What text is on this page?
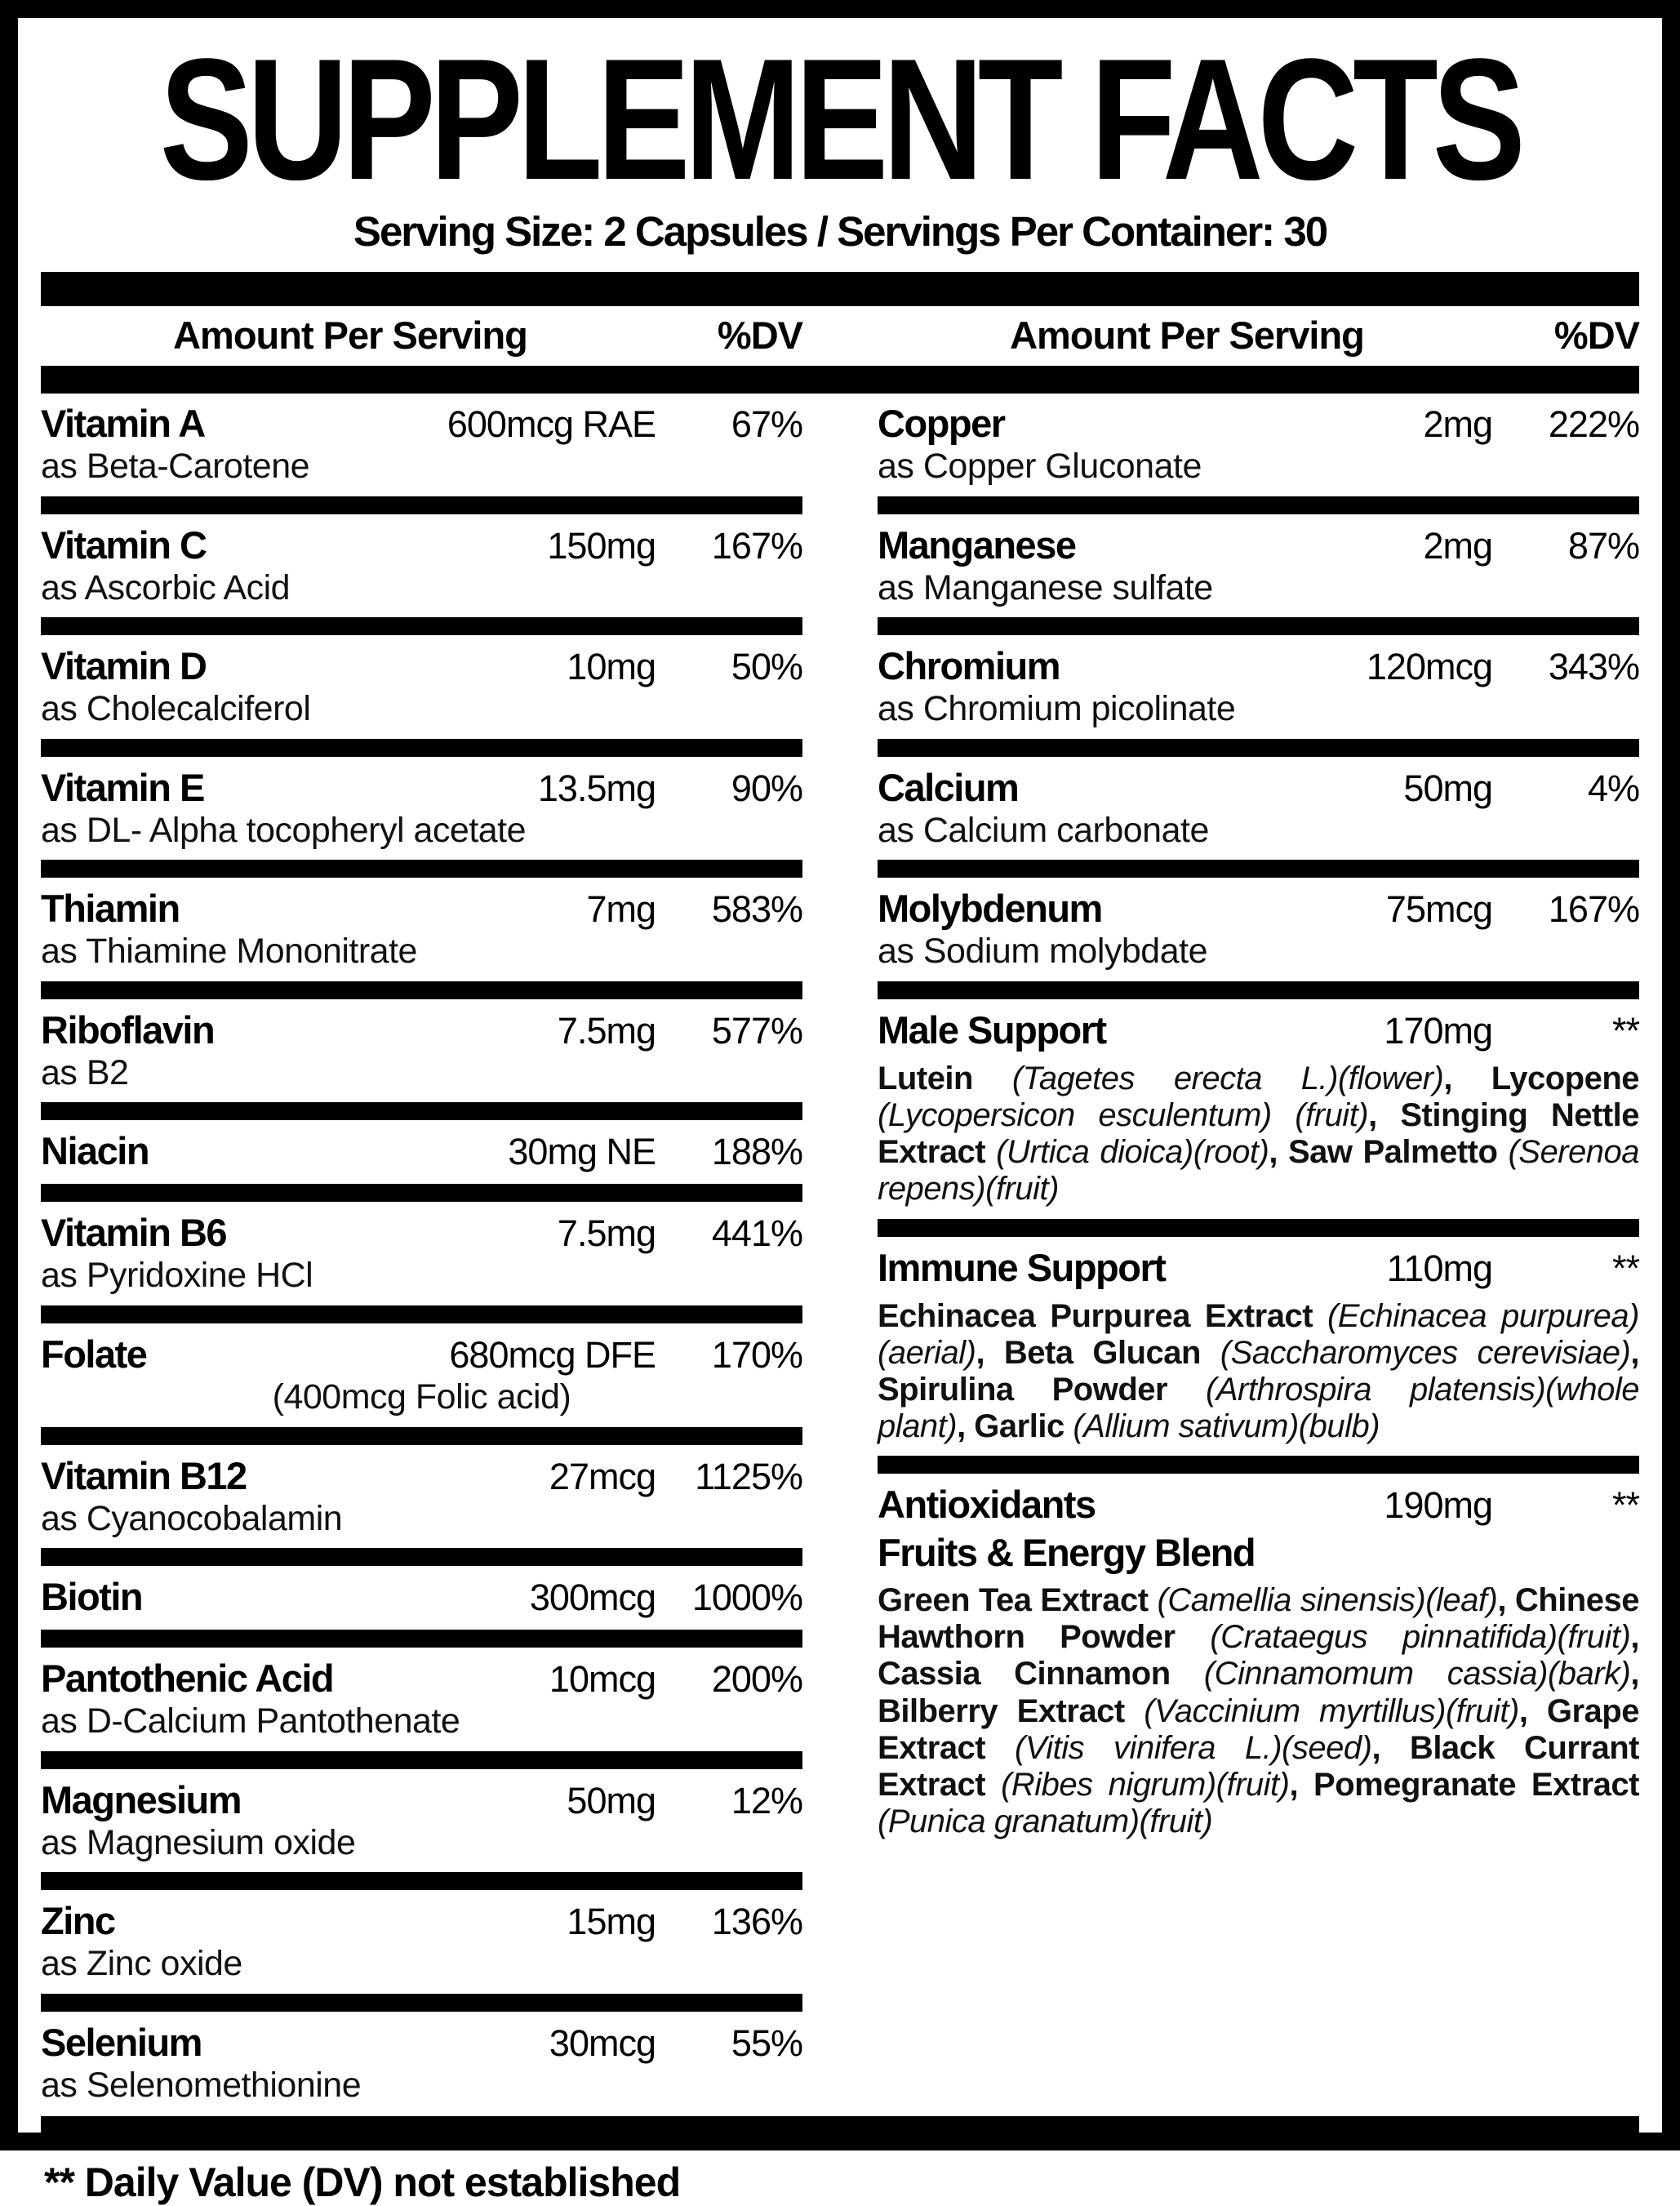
SUPPLEMENT FACTS
Serving Size: 2 Capsules / Servings Per Container: 30
Amount Per Serving	%DV	Amount Per Serving	%DV
Vitamin A	600mcg RAE	67%
as Beta-Carotene
Vitamin C	150mg	167%
as Ascorbic Acid
Vitamin D	10mg	50%
as Cholecalciferol
Vitamin E	13.5mg	90%
as DL- Alpha tocopheryl acetate
Thiamin	7mg	583%
as Thiamine Mononitrate
Riboflavin	7.5mg	577%
as B2
Niacin	30mg NE	188%
Vitamin B6	7.5mg	441%
as Pyridoxine HCl
Folate	680mcg DFE	170%
(400mcg Folic acid)
Vitamin B12	27mcg	1125%
as Cyanocobalamin
Biotin	300mcg 1000%
Pantothenic Acid	10mcg	200%
as D-Calcium Pantothenate
Magnesium	50mg	12%
as Magnesium oxide
Zinc	15mg	136%
as Zinc oxide
Selenium	30mcg	55%
as Selenomethionine
Copper	2mg	222%
as Copper Gluconate
Manganese	2mg	87%
as Manganese sulfate
Chromium	120mcg	343%
as Chromium picolinate
Calcium	50mg	4%
as Calcium carbonate
Molybdenum	75mcg	167%
as Sodium molybdate
Male Support	170mg	**
Lutein (Tagetes erecta L.)(flower), Lycopene (Lycopersicon esculentum) (fruit), Stinging Nettle Extract (Urtica dioica)(root), Saw Palmetto (Serenoa repens)(fruit)
Immune Support	110mg	**
Echinacea Purpurea Extract (Echinacea purpurea)(aerial), Beta Glucan (Saccharomyces cerevisiae), Spirulina Powder (Arthrospira platensis)(whole plant), Garlic (Allium sativum)(bulb)
Antioxidants	190mg	**
Fruits & Energy Blend
Green Tea Extract (Camellia sinensis)(leaf), Chinese Hawthorn Powder (Crataegus pinnatifida)(fruit), Cassia Cinnamon (Cinnamomum cassia)(bark), Bilberry Extract (Vaccinium myrtillus)(fruit), Grape Extract (Vitis vinifera L.)(seed), Black Currant Extract (Ribes nigrum)(fruit), Pomegranate Extract (Punica granatum)(fruit)
** Daily Value (DV) not established
